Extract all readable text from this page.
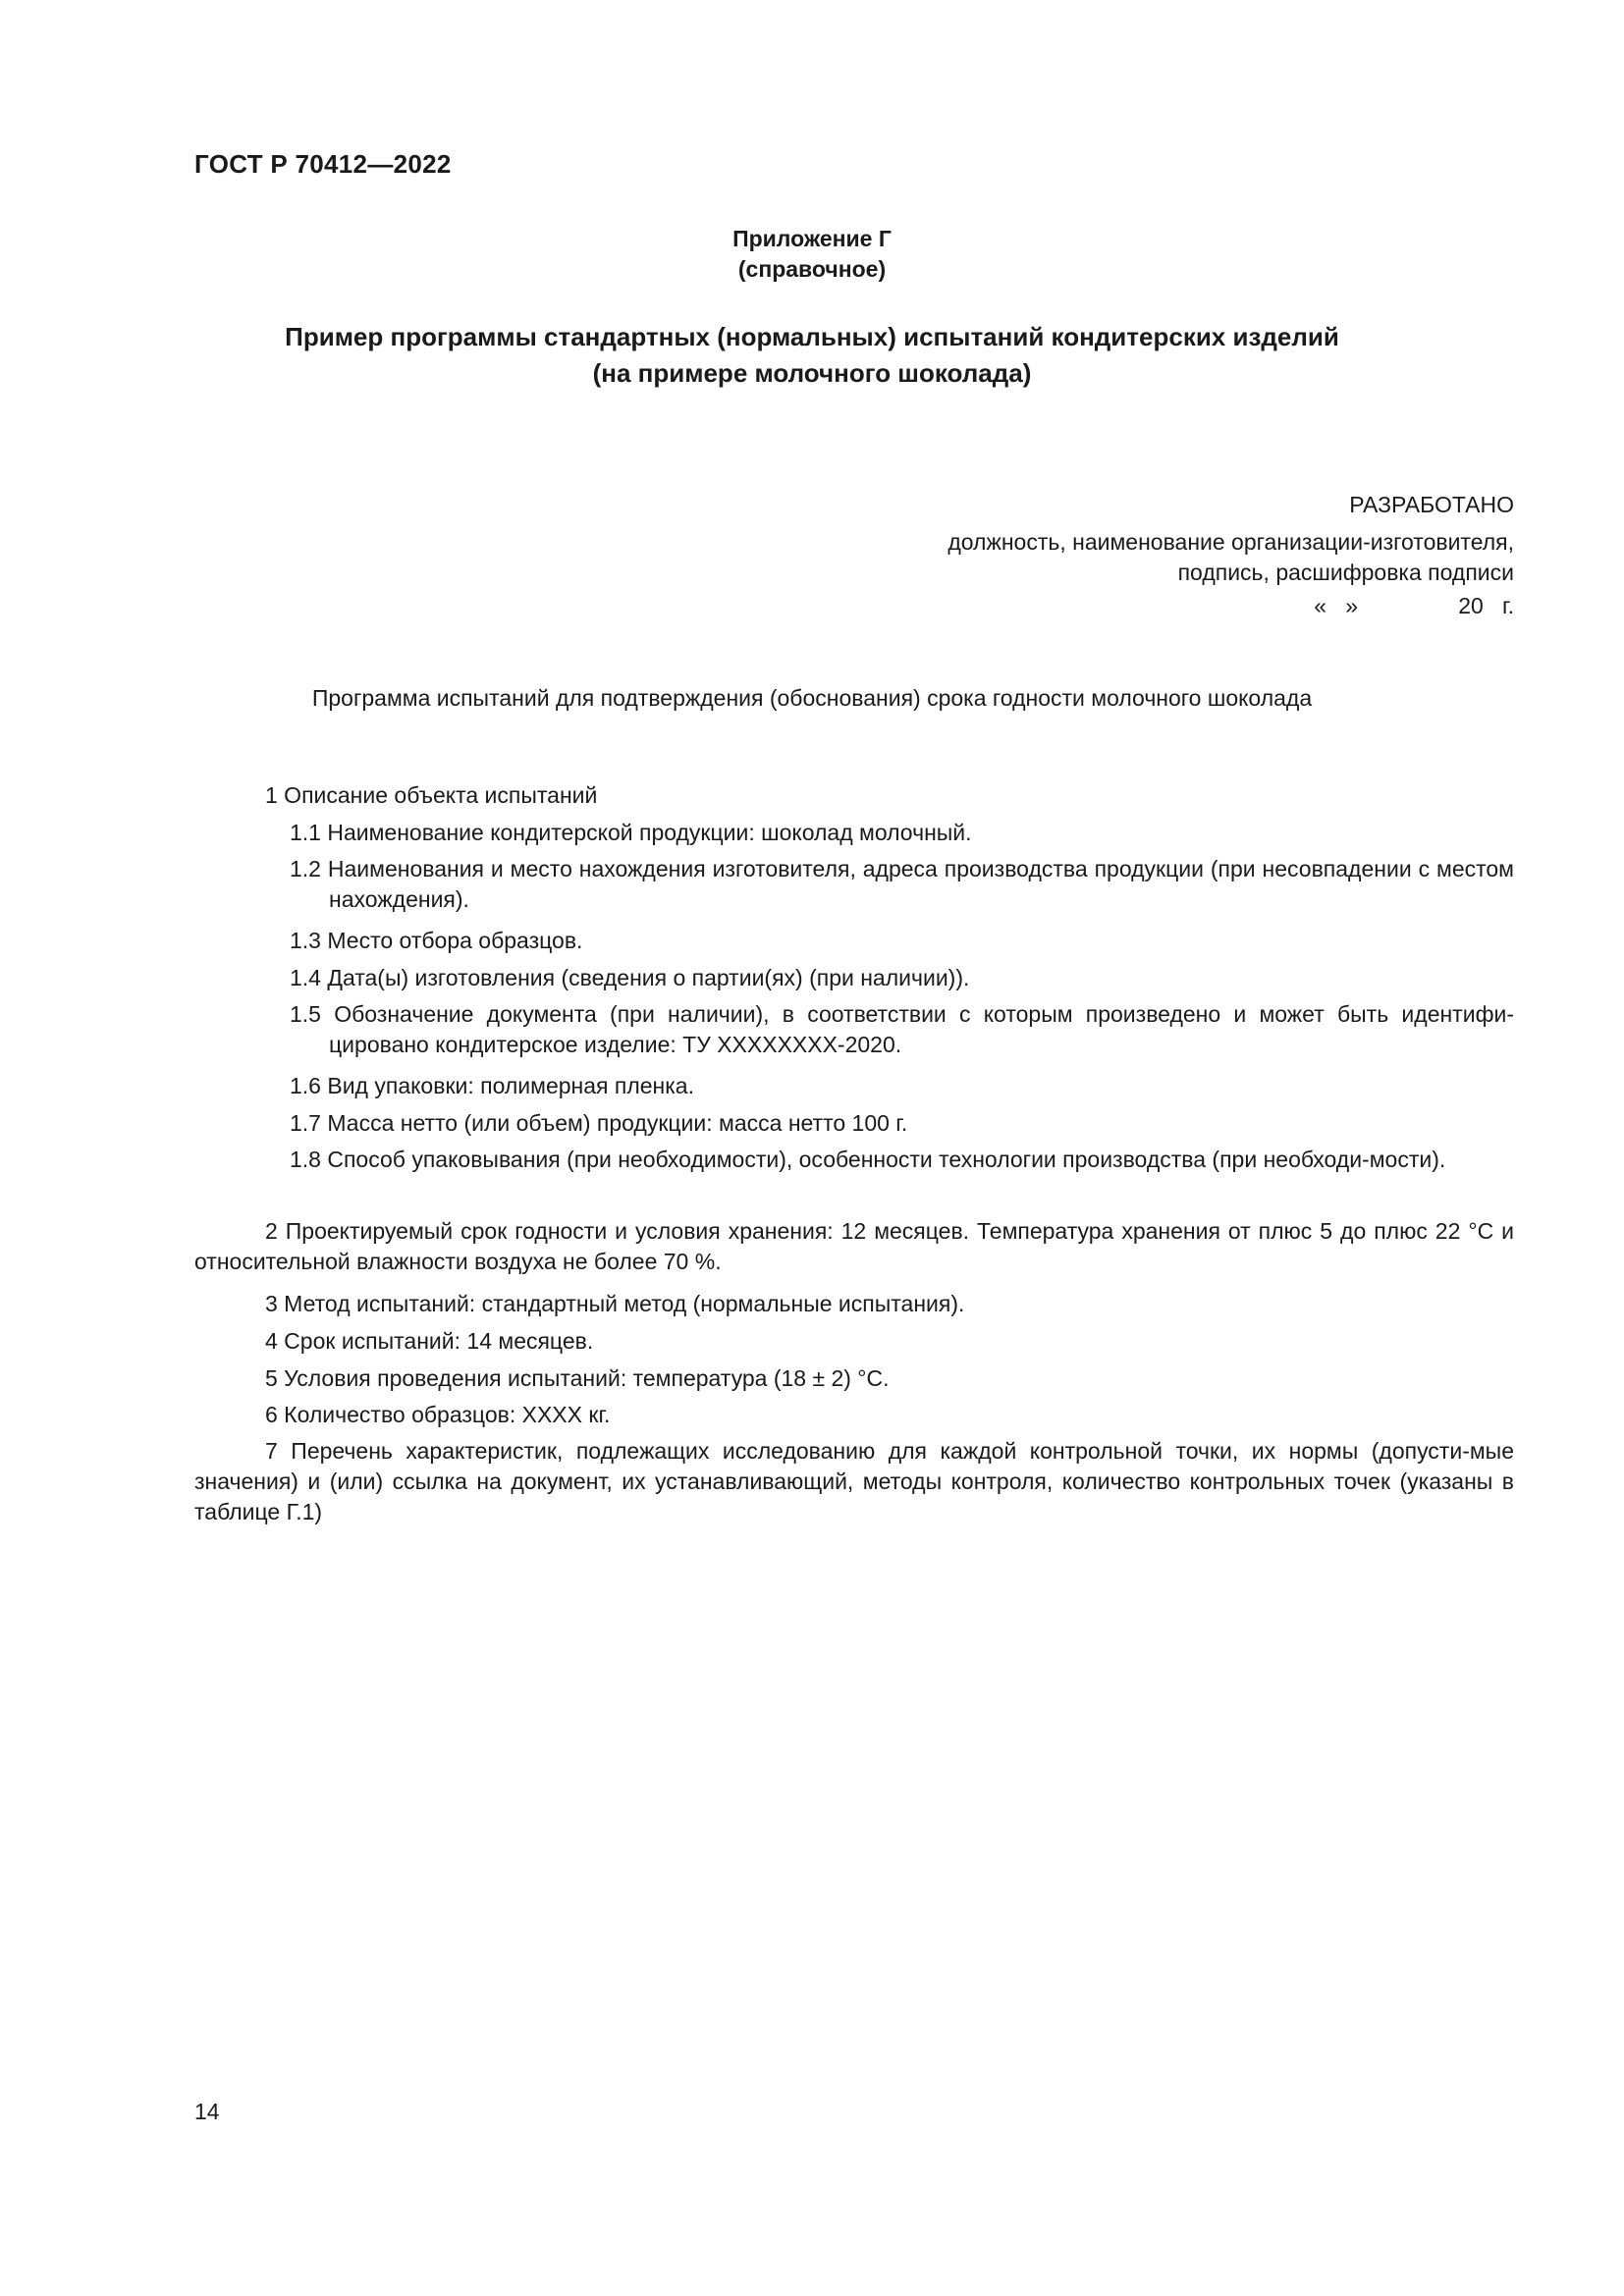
ГОСТ Р 70412—2022
Приложение Г
(справочное)
Пример программы стандартных (нормальных) испытаний кондитерских изделий
(на примере молочного шоколада)
РАЗРАБОТАНО
должность, наименование организации-изготовителя,
подпись, расшифровка подписи
« »	20 г.
Программа испытаний для подтверждения (обоснования) срока годности молочного шоколада
1 Описание объекта испытаний
1.1 Наименование кондитерской продукции: шоколад молочный.
1.2 Наименования и место нахождения изготовителя, адреса производства продукции (при несовпадении с местом нахождения).
1.3 Место отбора образцов.
1.4 Дата(ы) изготовления (сведения о партии(ях) (при наличии)).
1.5 Обозначение документа (при наличии), в соответствии с которым произведено и может быть идентифи-цировано кондитерское изделие: ТУ ХХХХХХХХ-2020.
1.6 Вид упаковки: полимерная пленка.
1.7 Масса нетто (или объем) продукции: масса нетто 100 г.
1.8 Способ упаковывания (при необходимости), особенности технологии производства (при необходи-мости).
2 Проектируемый срок годности и условия хранения: 12 месяцев. Температура хранения от плюс 5 до плюс 22 °С и относительной влажности воздуха не более 70 %.
3 Метод испытаний: стандартный метод (нормальные испытания).
4 Срок испытаний: 14 месяцев.
5 Условия проведения испытаний: температура (18 ± 2) °С.
6 Количество образцов: ХХХХ кг.
7 Перечень характеристик, подлежащих исследованию для каждой контрольной точки, их нормы (допусти-мые значения) и (или) ссылка на документ, их устанавливающий, методы контроля, количество контрольных точек (указаны в таблице Г.1)
14
